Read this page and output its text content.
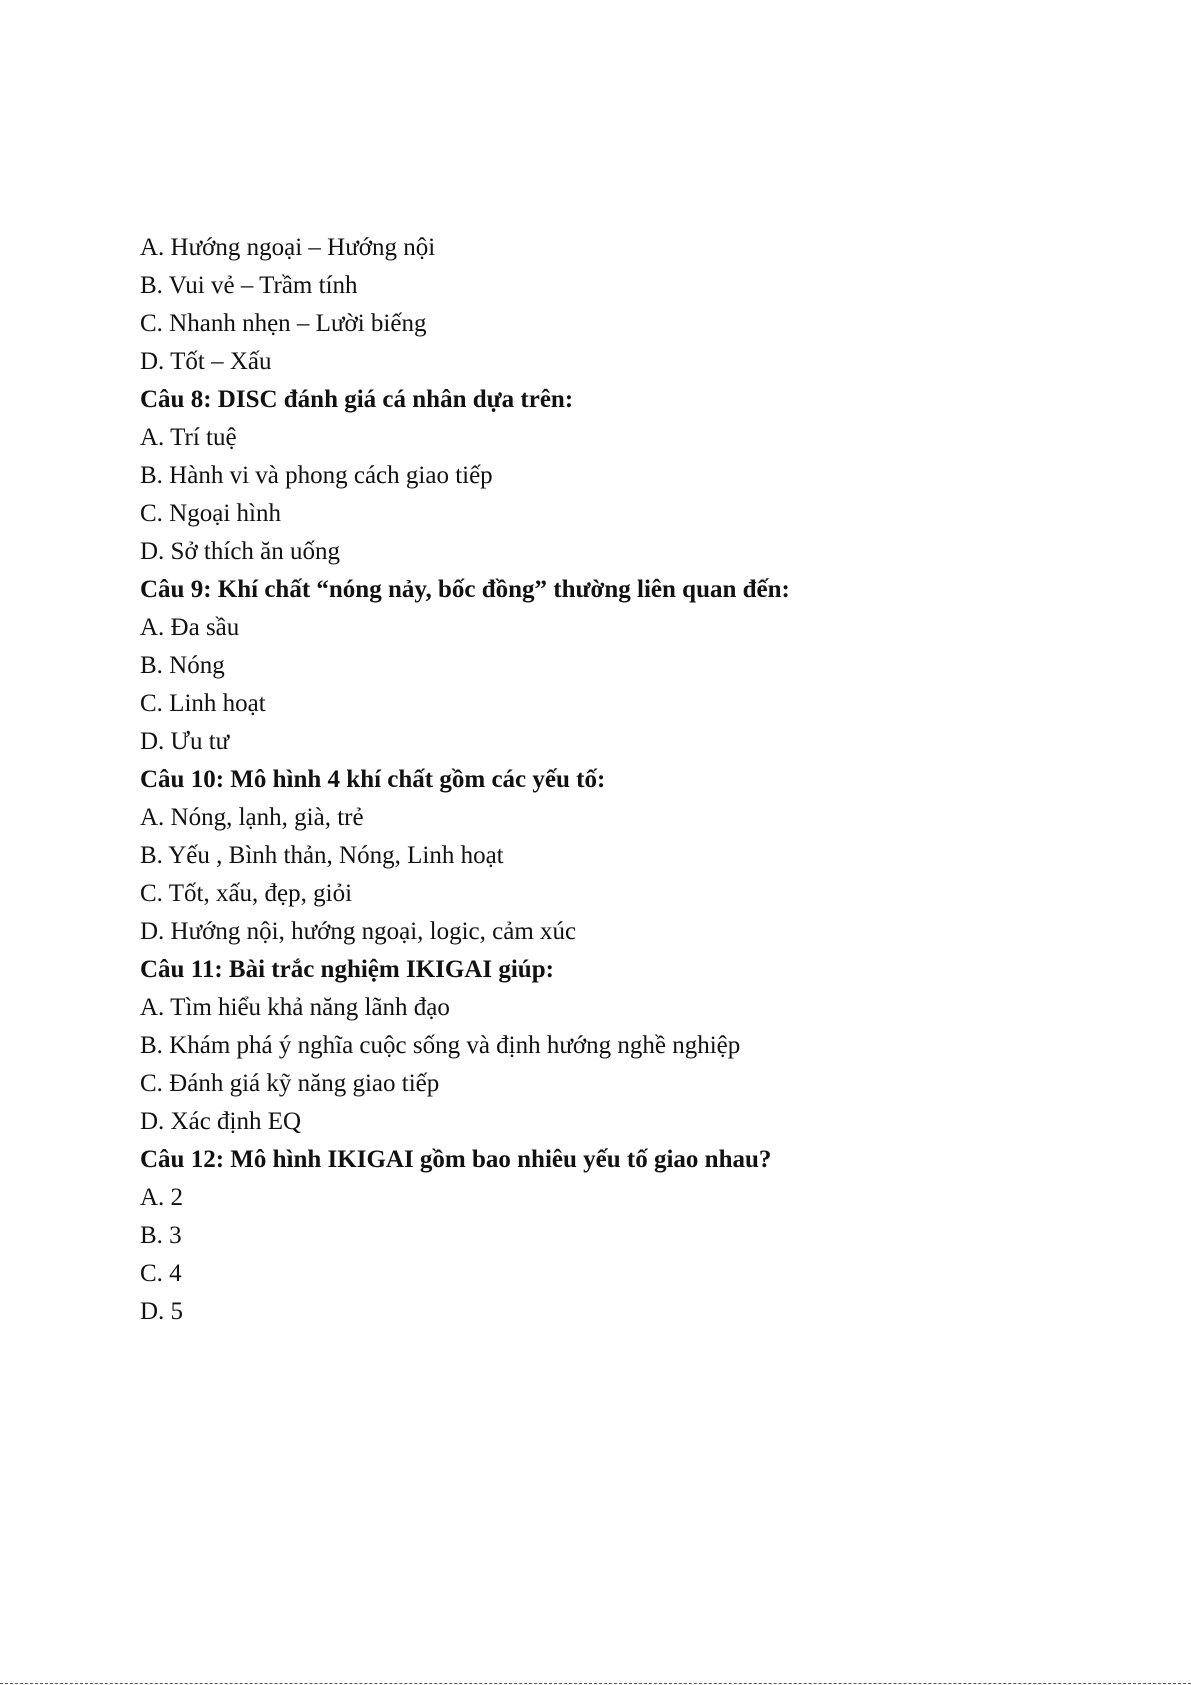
A. Hướng ngoại – Hướng nội
B. Vui vẻ – Trầm tính
C. Nhanh nhẹn – Lười biếng
D. Tốt – Xấu
Câu 8: DISC đánh giá cá nhân dựa trên:
A. Trí tuệ
B. Hành vi và phong cách giao tiếp
C. Ngoại hình
D. Sở thích ăn uống
Câu 9: Khí chất “nóng nảy, bốc đồng” thường liên quan đến:
A. Đa sầu
B. Nóng
C. Linh hoạt
D. Ưu tư
Câu 10: Mô hình 4 khí chất gồm các yếu tố:
A. Nóng, lạnh, già, trẻ
B. Yếu , Bình thản, Nóng, Linh hoạt
C. Tốt, xấu, đẹp, giỏi
D. Hướng nội, hướng ngoại, logic, cảm xúc
Câu 11: Bài trắc nghiệm IKIGAI giúp:
A. Tìm hiểu khả năng lãnh đạo
B. Khám phá ý nghĩa cuộc sống và định hướng nghề nghiệp
C. Đánh giá kỹ năng giao tiếp
D. Xác định EQ
Câu 12: Mô hình IKIGAI gồm bao nhiêu yếu tố giao nhau?
A. 2
B. 3
C. 4
D. 5
